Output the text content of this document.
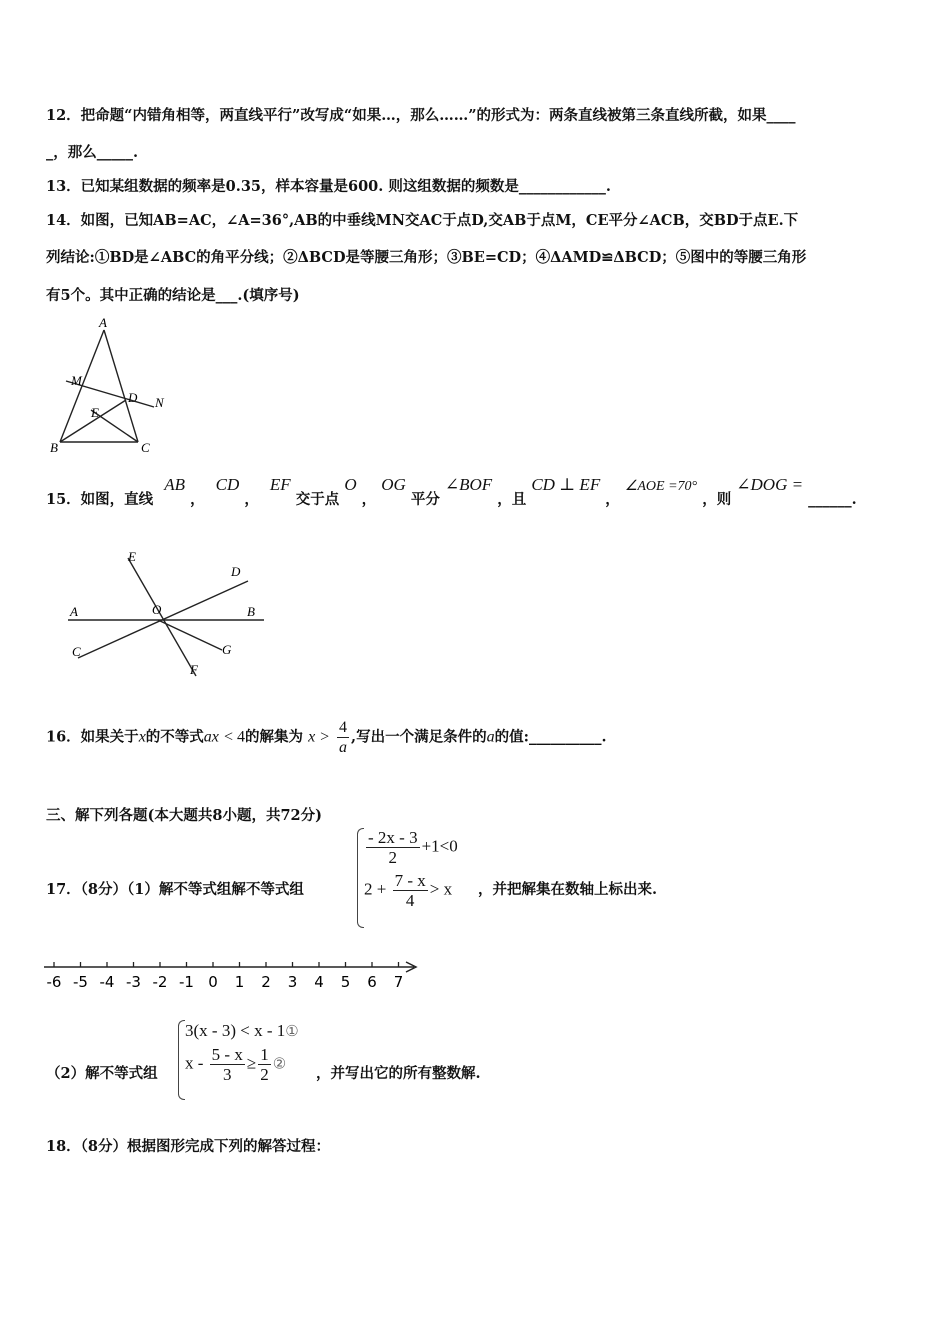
12．把命题“内错角相等，两直线平行”改写成“如果…，那么……”的形式为：两条直线被第三条直线所截，如果____
_，那么_____.
13．已知某组数据的频率是0.35，样本容量是600. 则这组数据的频数是____________.
14．如图，已知AB=AC，∠A=36°,AB的中垂线MN交AC于点D,交AB于点M，CE平分∠ACB，交BD于点E.下
列结论:①BD是∠ABC的角平分线；②ΔBCD是等腰三角形；③BE=CD；④ΔAMD≌ΔBCD；⑤图中的等腰三角形
有5个。其中正确的结论是___.(填序号)
A
M
D N
E
B	C
15．如图，直线 AB ， CD ， EF 交于点 O ， OG 平分 ∠BOF ，且 CD ⊥ EF ， ∠AOE =70° ，则 ∠DOG = ______.
A	B
C
D
E
F
G
O
16．如果关于x的不等式ax < 4的解集为 $x > \frac{4}{a}$ ,写出一个满足条件的a的值:__________.
三、解下列各题(本大题共8小题，共72分)
17．（8分）（1）解不等式组解不等式组
$\frac{- 2x - 3}{2} +1<0$
$2 + \frac{7 - x}{4} > x$	，并把解集在数轴上标出来.
-6 -5 -4 -3 -2 -1 0 1 2 3 4 5 6 7
（2）解不等式组
3(x - 3) < x - 1①
$x - \frac{5 - x}{3} \ge \frac{1}{2}$ ②
，并写出它的所有整数解.
18．（8分）根据图形完成下列的解答过程：
